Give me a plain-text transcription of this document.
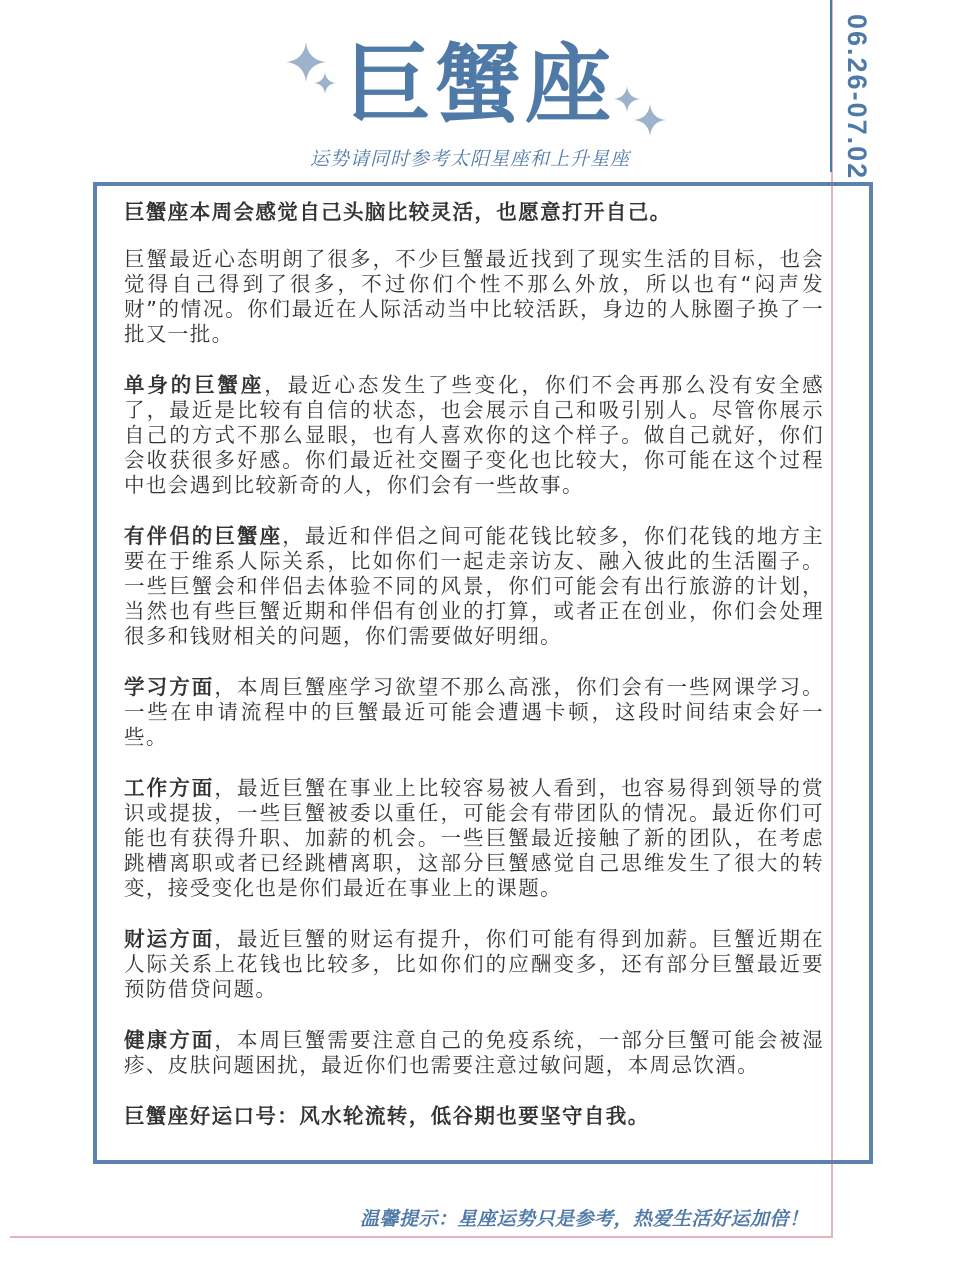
06.26-07.02
巨蟹座
运势请同时参考太阳星座和上升星座

巨蟹座本周会感觉自己头脑比较灵活，也愿意打开自己。

巨蟹最近心态明朗了很多，不少巨蟹最近找到了现实生活的目标，也会觉得自己得到了很多，不过你们个性不那么外放，所以也有“闷声发财”的情况。你们最近在人际活动当中比较活跃，身边的人脉圈子换了一批又一批。

单身的巨蟹座，最近心态发生了些变化，你们不会再那么没有安全感了，最近是比较有自信的状态，也会展示自己和吸引别人。尽管你展示自己的方式不那么显眼，也有人喜欢你的这个样子。做自己就好，你们会收获很多好感。你们最近社交圈子变化也比较大，你可能在这个过程中也会遇到比较新奇的人，你们会有一些故事。

有伴侣的巨蟹座，最近和伴侣之间可能花钱比较多，你们花钱的地方主要在于维系人际关系，比如你们一起走亲访友、融入彼此的生活圈子。一些巨蟹会和伴侣去体验不同的风景，你们可能会有出行旅游的计划，当然也有些巨蟹近期和伴侣有创业的打算，或者正在创业，你们会处理很多和钱财相关的问题，你们需要做好明细。

学习方面，本周巨蟹座学习欲望不那么高涨，你们会有一些网课学习。一些在申请流程中的巨蟹最近可能会遭遇卡顿，这段时间结束会好一些。

工作方面，最近巨蟹在事业上比较容易被人看到，也容易得到领导的赏识或提拔，一些巨蟹被委以重任，可能会有带团队的情况。最近你们可能也有获得升职、加薪的机会。一些巨蟹最近接触了新的团队，在考虑跳槽离职或者已经跳槽离职，这部分巨蟹感觉自己思维发生了很大的转变，接受变化也是你们最近在事业上的课题。

财运方面，最近巨蟹的财运有提升，你们可能有得到加薪。巨蟹近期在人际关系上花钱也比较多，比如你们的应酬变多，还有部分巨蟹最近要预防借贷问题。

健康方面，本周巨蟹需要注意自己的免疫系统，一部分巨蟹可能会被湿疹、皮肤问题困扰，最近你们也需要注意过敏问题，本周忌饮酒。

巨蟹座好运口号：风水轮流转，低谷期也要坚守自我。

温馨提示：星座运势只是参考，热爱生活好运加倍！
